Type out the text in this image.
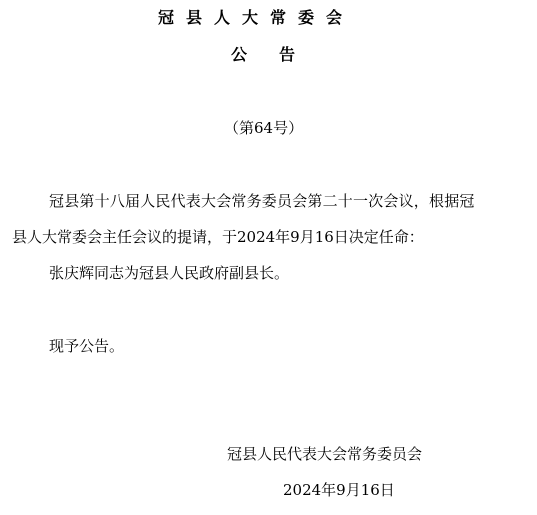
冠县人大常委会
公告
（第64号）
冠县第十八届人民代表大会常务委员会第二十一次会议，根据冠
县人大常委会主任会议的提请，于2024年9月16日决定任命：
张庆辉同志为冠县人民政府副县长。
现予公告。
冠县人民代表大会常务委员会
2024年9月16日
